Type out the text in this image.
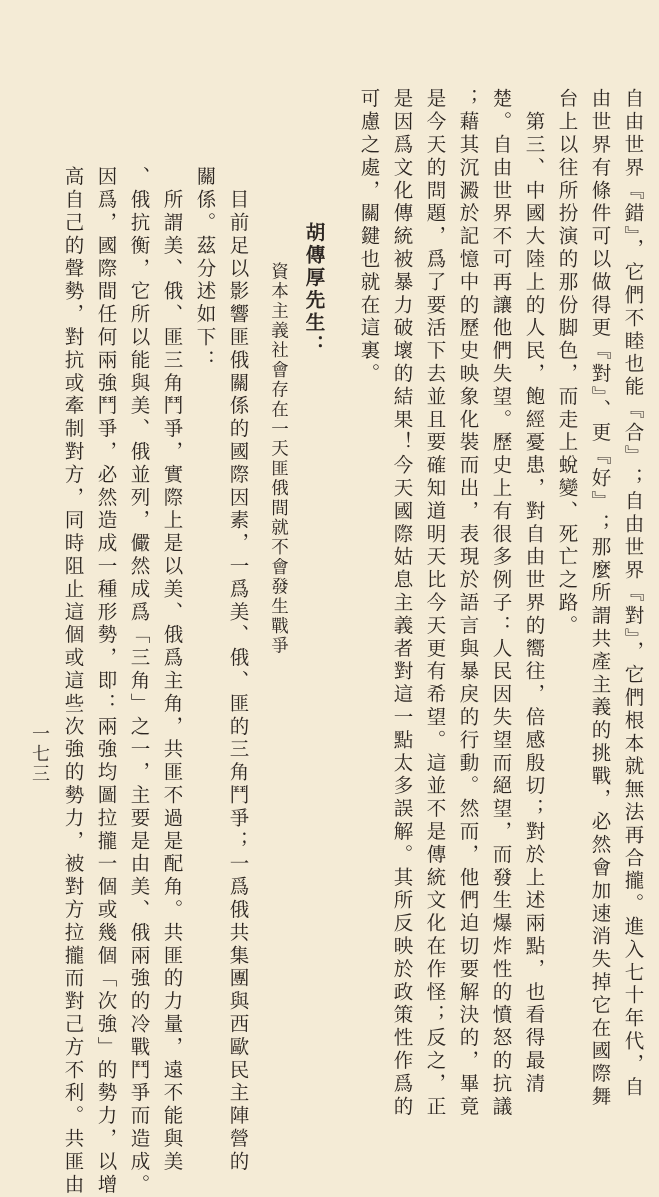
自由世界『錯』，它們不睦也能『合』；自由世界『對』，它們根本就無法再合攏。進入七十年代，自
由世界有條件可以做得更『對』、更『好』；那麼所謂共產主義的挑戰，必然會加速消失掉它在國際舞
台上以往所扮演的那份脚色，而走上蛻變、死亡之路。
　第三、中國大陸上的人民，飽經憂患，對自由世界的嚮往，倍感殷切；對於上述兩點，也看得最清
楚。自由世界不可再讓他們失望。歷史上有很多例子：人民因失望而絕望，而發生爆炸性的憤怒的抗議
；藉其沉澱於記憶中的歷史映象化裝而出，表現於語言與暴戾的行動。然而，他們迫切要解決的，畢竟
是今天的問題，爲了要活下去並且要確知道明天比今天更有希望。這並不是傳統文化在作怪；反之，正
是因爲文化傳統被暴力破壞的結果！今天國際姑息主義者對這一點太多誤解。其所反映於政策性作爲的
可慮之處，關鍵也就在這裏。
胡傳厚先生：
資本主義社會存在一天匪俄間就不會發生戰爭
　目前足以影響匪俄關係的國際因素，一爲美、俄、匪的三角鬥爭；一爲俄共集團與西歐民主陣營的
關係。茲分述如下：
　所謂美、俄、匪三角鬥爭，實際上是以美、俄爲主角，共匪不過是配角。共匪的力量，遠不能與美
、俄抗衡，它所以能與美、俄並列，儼然成爲「三角」之一，主要是由美、俄兩強的冷戰鬥爭而造成。
因爲，國際間任何兩強鬥爭，必然造成一種形勢，即：兩強均圖拉攏一個或幾個「次強」的勢力，以增
高自己的聲勢，對抗或牽制對方，同時阻止這個或這些次強的勢力，被對方拉攏而對己方不利。共匪由
一七三
